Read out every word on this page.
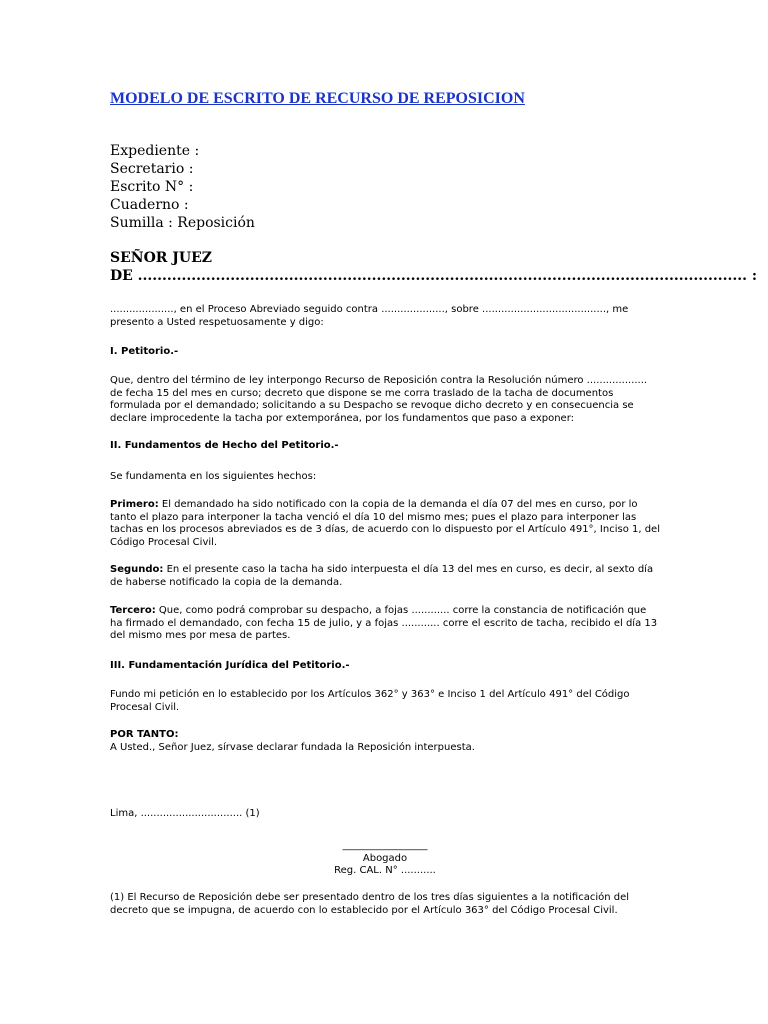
MODELO DE ESCRITO DE RECURSO DE REPOSICION
Expediente :
Secretario :
Escrito N° :
Cuaderno :
Sumilla : Reposición
SEÑOR JUEZ
DE ............................................................................................................................. :
...................., en el Proceso Abreviado seguido contra ...................., sobre ......................................., me presento a Usted respetuosamente y digo:
I. Petitorio.-
Que, dentro del término de ley interpongo Recurso de Reposición contra la Resolución número ................... de fecha 15 del mes en curso; decreto que dispone se me corra traslado de la tacha de documentos formulada por el demandado; solicitando a su Despacho se revoque dicho decreto y en consecuencia se declare improcedente la tacha por extemporánea, por los fundamentos que paso a exponer:
II. Fundamentos de Hecho del Petitorio.-
Se fundamenta en los siguientes hechos:
Primero: El demandado ha sido notificado con la copia de la demanda el día 07 del mes en curso, por lo tanto el plazo para interponer la tacha venció el día 10 del mismo mes; pues el plazo para interponer las tachas en los procesos abreviados es de 3 días, de acuerdo con lo dispuesto por el Artículo 491°, Inciso 1, del Código Procesal Civil.
Segundo: En el presente caso la tacha ha sido interpuesta el día 13 del mes en curso, es decir, al sexto día de haberse notificado la copia de la demanda.
Tercero: Que, como podrá comprobar su despacho, a fojas ............ corre la constancia de notificación que ha firmado el demandado, con fecha 15 de julio, y a fojas ............ corre el escrito de tacha, recibido el día 13 del mismo mes por mesa de partes.
III. Fundamentación Jurídica del Petitorio.-
Fundo mi petición en lo establecido por los Artículos 362° y 363° e Inciso 1 del Artículo 491° del Código Procesal Civil.
POR TANTO:
A Usted., Señor Juez, sírvase declarar fundada la Reposición interpuesta.
Lima, ................................ (1)
_________________
Abogado
Reg. CAL. N° ...........
(1) El Recurso de Reposición debe ser presentado dentro de los tres días siguientes a la notificación del decreto que se impugna, de acuerdo con lo establecido por el Artículo 363° del Código Procesal Civil.
